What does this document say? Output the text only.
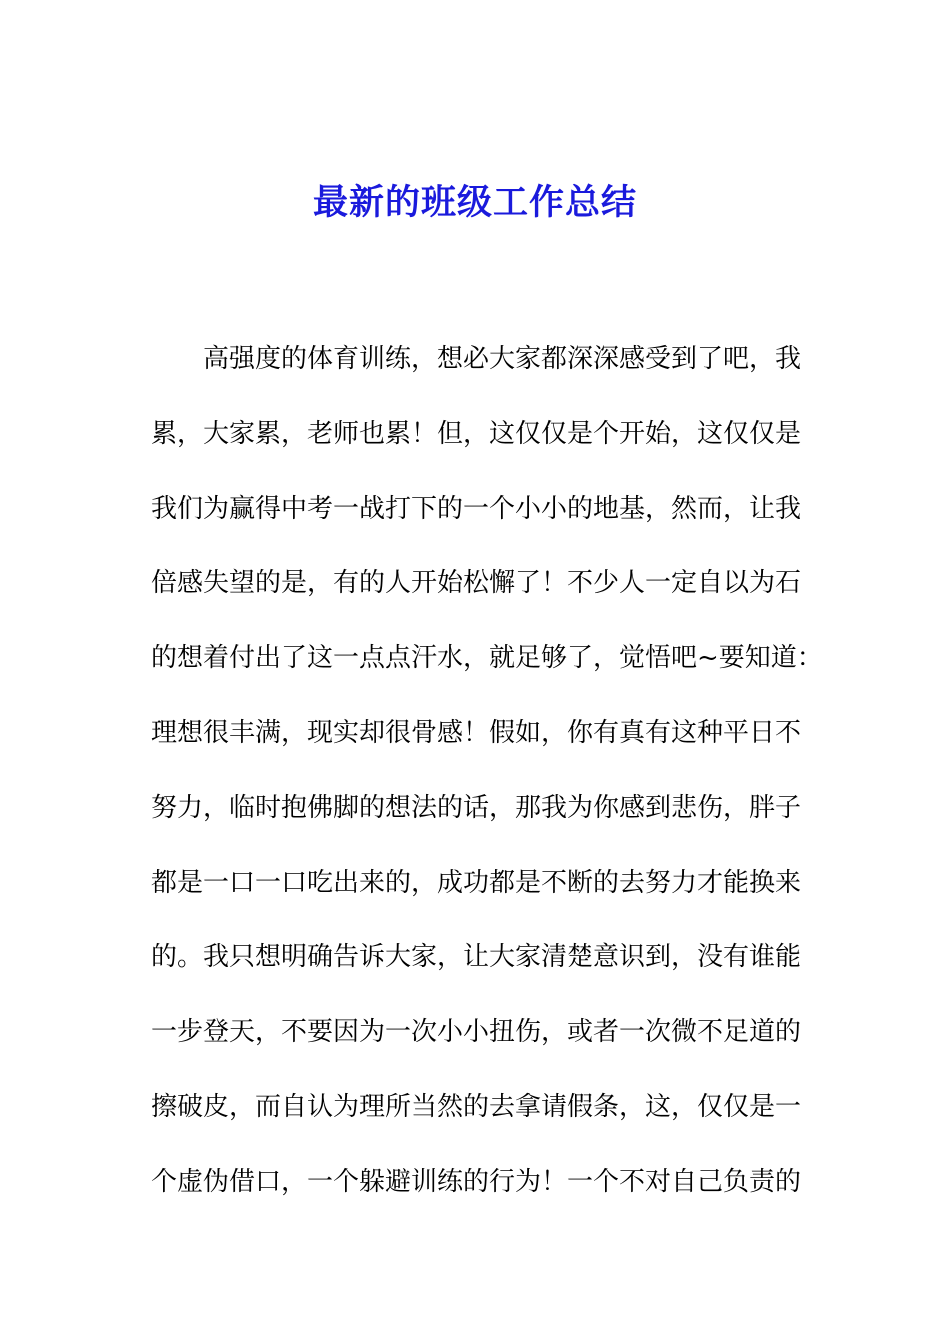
最新的班级工作总结
高强度的体育训练，想必大家都深深感受到了吧，我
累，大家累，老师也累！但，这仅仅是个开始，这仅仅是
我们为赢得中考一战打下的一个小小的地基，然而，让我
倍感失望的是，有的人开始松懈了！不少人一定自以为石
的想着付出了这一点点汗水，就足够了，觉悟吧~要知道：
理想很丰满，现实却很骨感！假如，你有真有这种平日不
努力，临时抱佛脚的想法的话，那我为你感到悲伤，胖子
都是一口一口吃出来的，成功都是不断的去努力才能换来
的。我只想明确告诉大家，让大家清楚意识到，没有谁能
一步登天，不要因为一次小小扭伤，或者一次微不足道的
擦破皮，而自认为理所当然的去拿请假条，这，仅仅是一
个虚伪借口，一个躲避训练的行为！一个不对自己负责的
